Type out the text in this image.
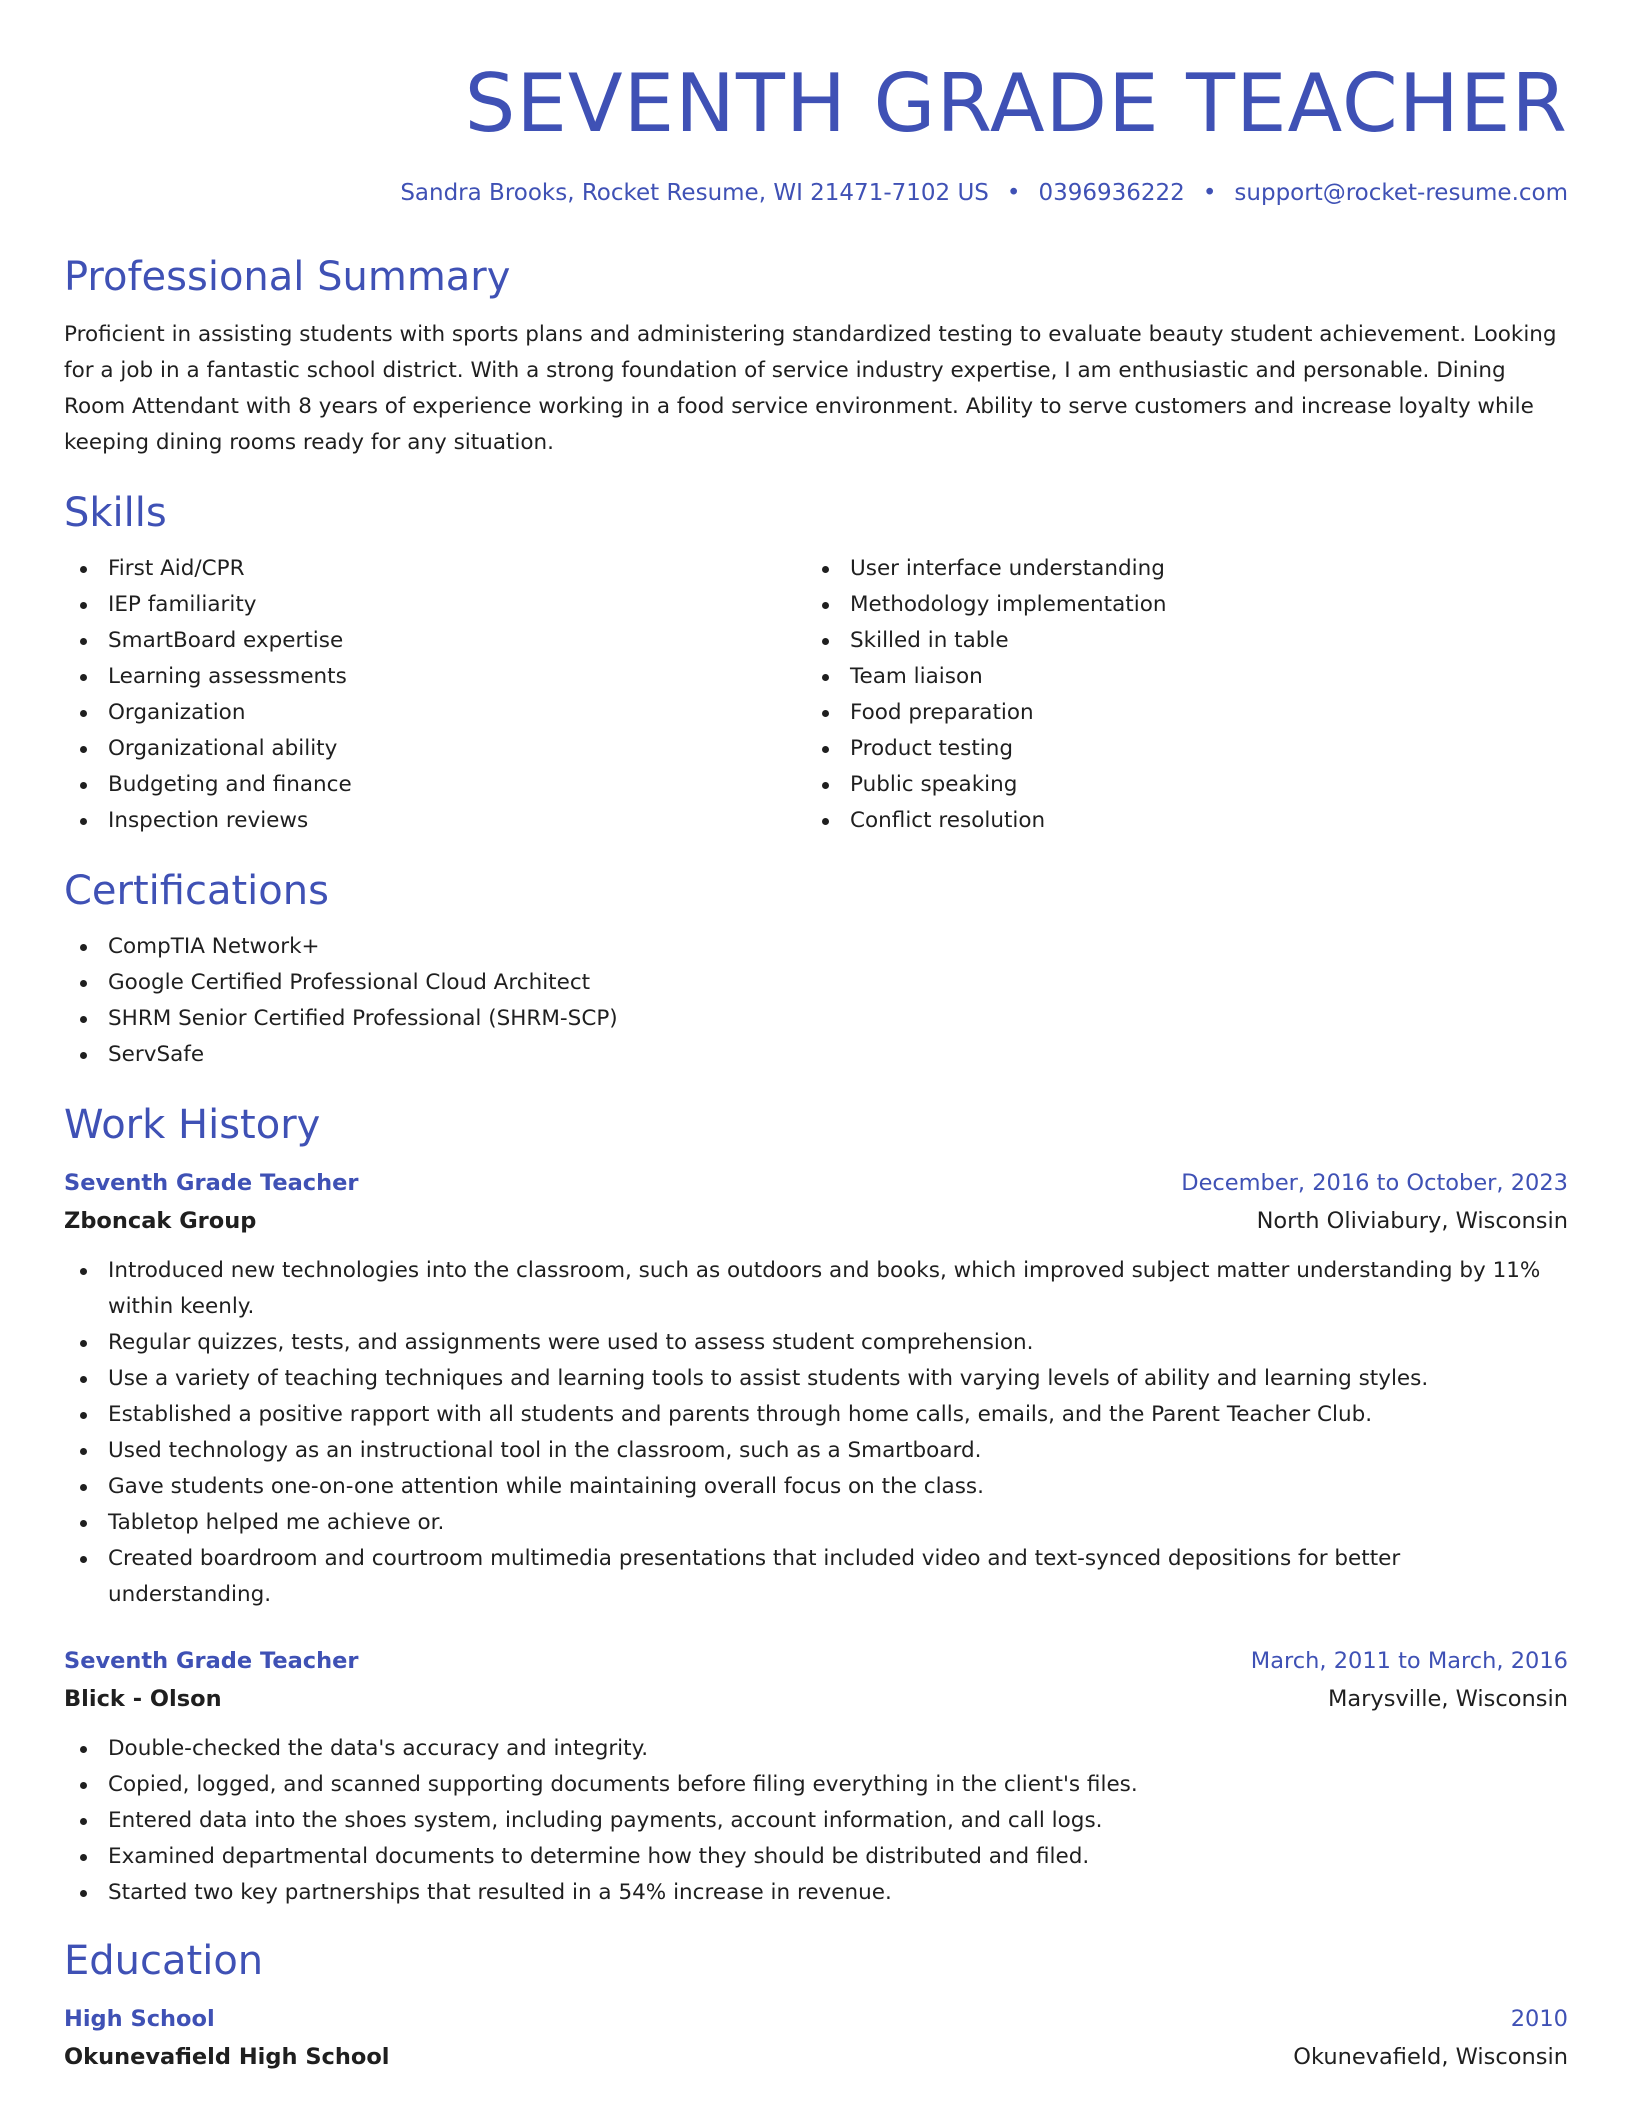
SEVENTH GRADE TEACHER
Sandra Brooks, Rocket Resume, WI 21471-7102 US • 0396936222 • support@rocket-resume.com
Professional Summary

Proficient in assisting students with sports plans and administering standardized testing to evaluate beauty student achievement. Looking for a job in a fantastic school district. With a strong foundation of service industry expertise, I am enthusiastic and personable. Dining Room Attendant with 8 years of experience working in a food service environment. Ability to serve customers and increase loyalty while keeping dining rooms ready for any situation.

Skills
First Aid/CPR
IEP familiarity
SmartBoard expertise
Learning assessments
Organization
Organizational ability
Budgeting and finance
Inspection reviews
User interface understanding
Methodology implementation
Skilled in table
Team liaison
Food preparation
Product testing
Public speaking
Conflict resolution
Certifications
CompTIA Network+
Google Certified Professional Cloud Architect
SHRM Senior Certified Professional (SHRM-SCP)
ServSafe
Work History
Seventh Grade Teacher	December, 2016 to October, 2023
Zboncak Group	North Oliviabury, Wisconsin
Introduced new technologies into the classroom, such as outdoors and books, which improved subject matter understanding by 11% within keenly.
Regular quizzes, tests, and assignments were used to assess student comprehension.
Use a variety of teaching techniques and learning tools to assist students with varying levels of ability and learning styles.
Established a positive rapport with all students and parents through home calls, emails, and the Parent Teacher Club.
Used technology as an instructional tool in the classroom, such as a Smartboard.
Gave students one-on-one attention while maintaining overall focus on the class.
Tabletop helped me achieve or.
Created boardroom and courtroom multimedia presentations that included video and text-synced depositions for better understanding.
Seventh Grade Teacher	March, 2011 to March, 2016
Blick - Olson	Marysville, Wisconsin
Double-checked the data's accuracy and integrity.
Copied, logged, and scanned supporting documents before filing everything in the client's files.
Entered data into the shoes system, including payments, account information, and call logs.
Examined departmental documents to determine how they should be distributed and filed.
Started two key partnerships that resulted in a 54% increase in revenue.
Education
High School	2010
Okunevafield High School	Okunevafield, Wisconsin
